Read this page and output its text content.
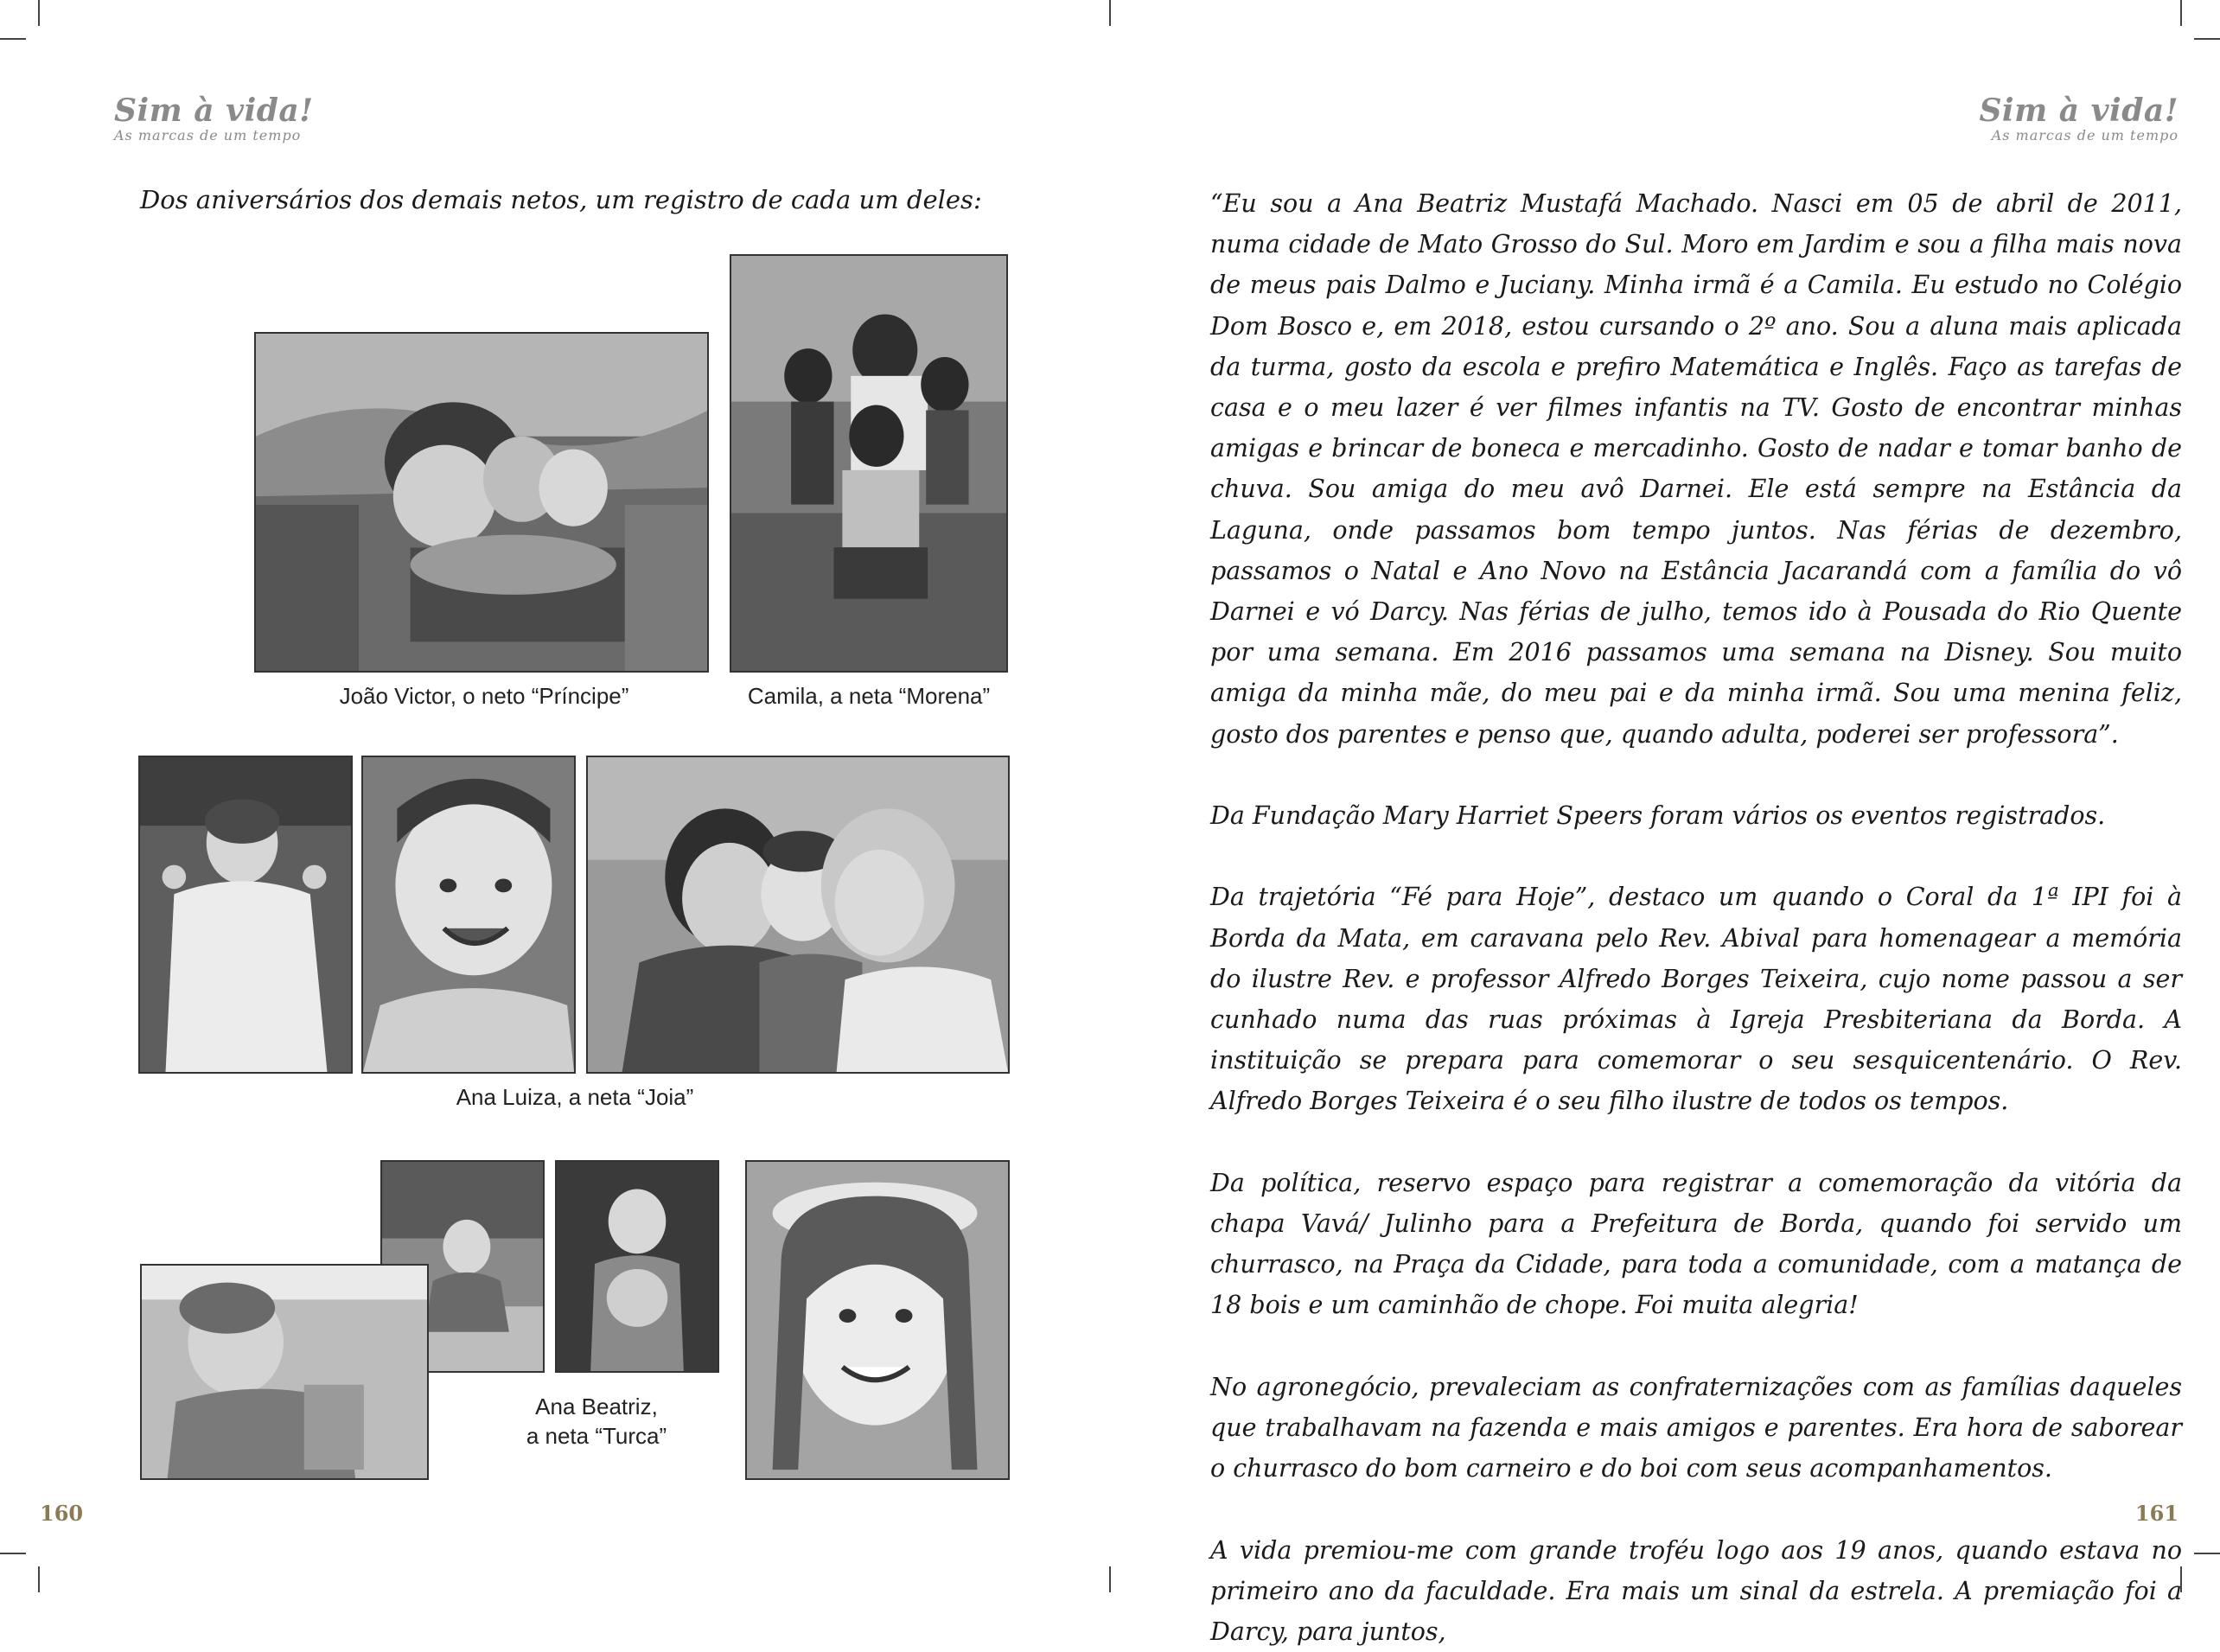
Sim à vida!
As marcas de um tempo
Dos aniversários dos demais netos, um registro de cada um deles:
João Victor, o neto “Príncipe”	Camila, a neta “Morena”
Ana Luiza, a neta “Joia”
Ana Beatriz,
a neta “Turca”
160
Sim à vida!
As marcas de um tempo

“Eu sou a Ana Beatriz Mustafá Machado. Nasci em 05 de abril de 2011, numa cidade de Mato Grosso do Sul. Moro em Jardim e sou a filha mais nova de meus pais Dalmo e Juciany. Minha irmã é a Camila. Eu estudo no Colégio Dom Bosco e, em 2018, estou cursando o 2º ano. Sou a aluna mais aplicada da turma, gosto da escola e prefiro Matemática e Inglês. Faço as tarefas de casa e o meu lazer é ver filmes infantis na TV. Gosto de encontrar minhas amigas e brincar de boneca e mercadinho. Gosto de nadar e tomar banho de chuva. Sou amiga do meu avô Darnei. Ele está sempre na Estância da Laguna, onde passamos bom tempo juntos. Nas férias de dezembro, passamos o Natal e Ano Novo na Estância Jacarandá com a família do vô Darnei e vó Darcy. Nas férias de julho, temos ido à Pousada do Rio Quente por uma semana. Em 2016 passamos uma semana na Disney. Sou muito amiga da minha mãe, do meu pai e da minha irmã. Sou uma menina feliz, gosto dos parentes e penso que, quando adulta, poderei ser professora”.

Da Fundação Mary Harriet Speers foram vários os eventos registrados.

Da trajetória “Fé para Hoje”, destaco um quando o Coral da 1ª IPI foi à Borda da Mata, em caravana pelo Rev. Abival para homenagear a memória do ilustre Rev. e professor Alfredo Borges Teixeira, cujo nome passou a ser cunhado numa das ruas próximas à Igreja Presbiteriana da Borda. A instituição se prepara para comemorar o seu sesquicentenário. O Rev. Alfredo Borges Teixeira é o seu filho ilustre de todos os tempos.

Da política, reservo espaço para registrar a comemoração da vitória da chapa Vavá/ Julinho para a Prefeitura de Borda, quando foi servido um churrasco, na Praça da Cidade, para toda a comunidade, com a matança de 18 bois e um caminhão de chope. Foi muita alegria!

No agronegócio, prevaleciam as confraternizações com as famílias daqueles que trabalhavam na fazenda e mais amigos e parentes. Era hora de saborear o churrasco do bom carneiro e do boi com seus acompanhamentos.

A vida premiou-me com grande troféu logo aos 19 anos, quando estava no primeiro ano da faculdade. Era mais um sinal da estrela. A premiação foi a Darcy, para juntos,

161
